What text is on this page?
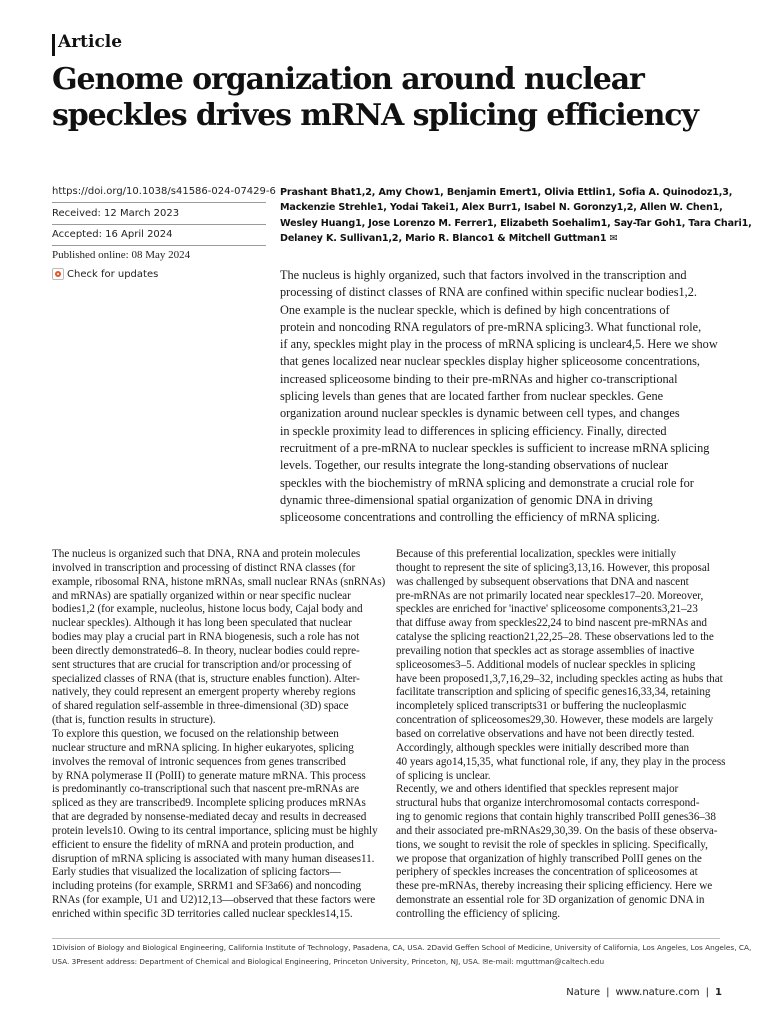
Article
Genome organization around nuclear
speckles drives mRNA splicing efficiency
https://doi.org/10.1038/s41586-024-07429-6
Received: 12 March 2023
Accepted: 16 April 2024
Published online: 08 May 2024
Check for updates
Prashant Bhat1,2, Amy Chow1, Benjamin Emert1, Olivia Ettlin1, Sofia A. Quinodoz1,3,
Mackenzie Strehle1, Yodai Takei1, Alex Burr1, Isabel N. Goronzy1,2, Allen W. Chen1,
Wesley Huang1, Jose Lorenzo M. Ferrer1, Elizabeth Soehalim1, Say-Tar Goh1, Tara Chari1,
Delaney K. Sullivan1,2, Mario R. Blanco1 & Mitchell Guttman1 ✉
The nucleus is highly organized, such that factors involved in the transcription and
processing of distinct classes of RNA are confined within specific nuclear bodies1,2.
One example is the nuclear speckle, which is defined by high concentrations of
protein and noncoding RNA regulators of pre-mRNA splicing3. What functional role,
if any, speckles might play in the process of mRNA splicing is unclear4,5. Here we show
that genes localized near nuclear speckles display higher spliceosome concentrations,
increased spliceosome binding to their pre-mRNAs and higher co-transcriptional
splicing levels than genes that are located farther from nuclear speckles. Gene
organization around nuclear speckles is dynamic between cell types, and changes
in speckle proximity lead to differences in splicing efficiency. Finally, directed
recruitment of a pre-mRNA to nuclear speckles is sufficient to increase mRNA splicing
levels. Together, our results integrate the long-standing observations of nuclear
speckles with the biochemistry of mRNA splicing and demonstrate a crucial role for
dynamic three-dimensional spatial organization of genomic DNA in driving
spliceosome concentrations and controlling the efficiency of mRNA splicing.
The nucleus is organized such that DNA, RNA and protein molecules
involved in transcription and processing of distinct RNA classes (for
example, ribosomal RNA, histone mRNAs, small nuclear RNAs (snRNAs)
and mRNAs) are spatially organized within or near specific nuclear
bodies1,2 (for example, nucleolus, histone locus body, Cajal body and
nuclear speckles). Although it has long been speculated that nuclear
bodies may play a crucial part in RNA biogenesis, such a role has not
been directly demonstrated6–8. In theory, nuclear bodies could repre-
sent structures that are crucial for transcription and/or processing of
specialized classes of RNA (that is, structure enables function). Alter-
natively, they could represent an emergent property whereby regions
of shared regulation self-assemble in three-dimensional (3D) space
(that is, function results in structure).
To explore this question, we focused on the relationship between
nuclear structure and mRNA splicing. In higher eukaryotes, splicing
involves the removal of intronic sequences from genes transcribed
by RNA polymerase II (PolII) to generate mature mRNA. This process
is predominantly co-transcriptional such that nascent pre-mRNAs are
spliced as they are transcribed9. Incomplete splicing produces mRNAs
that are degraded by nonsense-mediated decay and results in decreased
protein levels10. Owing to its central importance, splicing must be highly
efficient to ensure the fidelity of mRNA and protein production, and
disruption of mRNA splicing is associated with many human diseases11.
Early studies that visualized the localization of splicing factors—
including proteins (for example, SRRM1 and SF3a66) and noncoding
RNAs (for example, U1 and U2)12,13—observed that these factors were
enriched within specific 3D territories called nuclear speckles14,15.
Because of this preferential localization, speckles were initially
thought to represent the site of splicing3,13,16. However, this proposal
was challenged by subsequent observations that DNA and nascent
pre-mRNAs are not primarily located near speckles17–20. Moreover,
speckles are enriched for 'inactive' spliceosome components3,21–23
that diffuse away from speckles22,24 to bind nascent pre-mRNAs and
catalyse the splicing reaction21,22,25–28. These observations led to the
prevailing notion that speckles act as storage assemblies of inactive
spliceosomes3–5. Additional models of nuclear speckles in splicing
have been proposed1,3,7,16,29–32, including speckles acting as hubs that
facilitate transcription and splicing of specific genes16,33,34, retaining
incompletely spliced transcripts31 or buffering the nucleoplasmic
concentration of spliceosomes29,30. However, these models are largely
based on correlative observations and have not been directly tested.
Accordingly, although speckles were initially described more than
40 years ago14,15,35, what functional role, if any, they play in the process
of splicing is unclear.
Recently, we and others identified that speckles represent major
structural hubs that organize interchromosomal contacts correspond-
ing to genomic regions that contain highly transcribed PolII genes36–38
and their associated pre-mRNAs29,30,39. On the basis of these observa-
tions, we sought to revisit the role of speckles in splicing. Specifically,
we propose that organization of highly transcribed PolII genes on the
periphery of speckles increases the concentration of spliceosomes at
these pre-mRNAs, thereby increasing their splicing efficiency. Here we
demonstrate an essential role for 3D organization of genomic DNA in
controlling the efficiency of splicing.
1Division of Biology and Biological Engineering, California Institute of Technology, Pasadena, CA, USA. 2David Geffen School of Medicine, University of California, Los Angeles, Los Angeles, CA,
USA. 3Present address: Department of Chemical and Biological Engineering, Princeton University, Princeton, NJ, USA. ✉e-mail: mguttman@caltech.edu
Nature | www.nature.com | 1
